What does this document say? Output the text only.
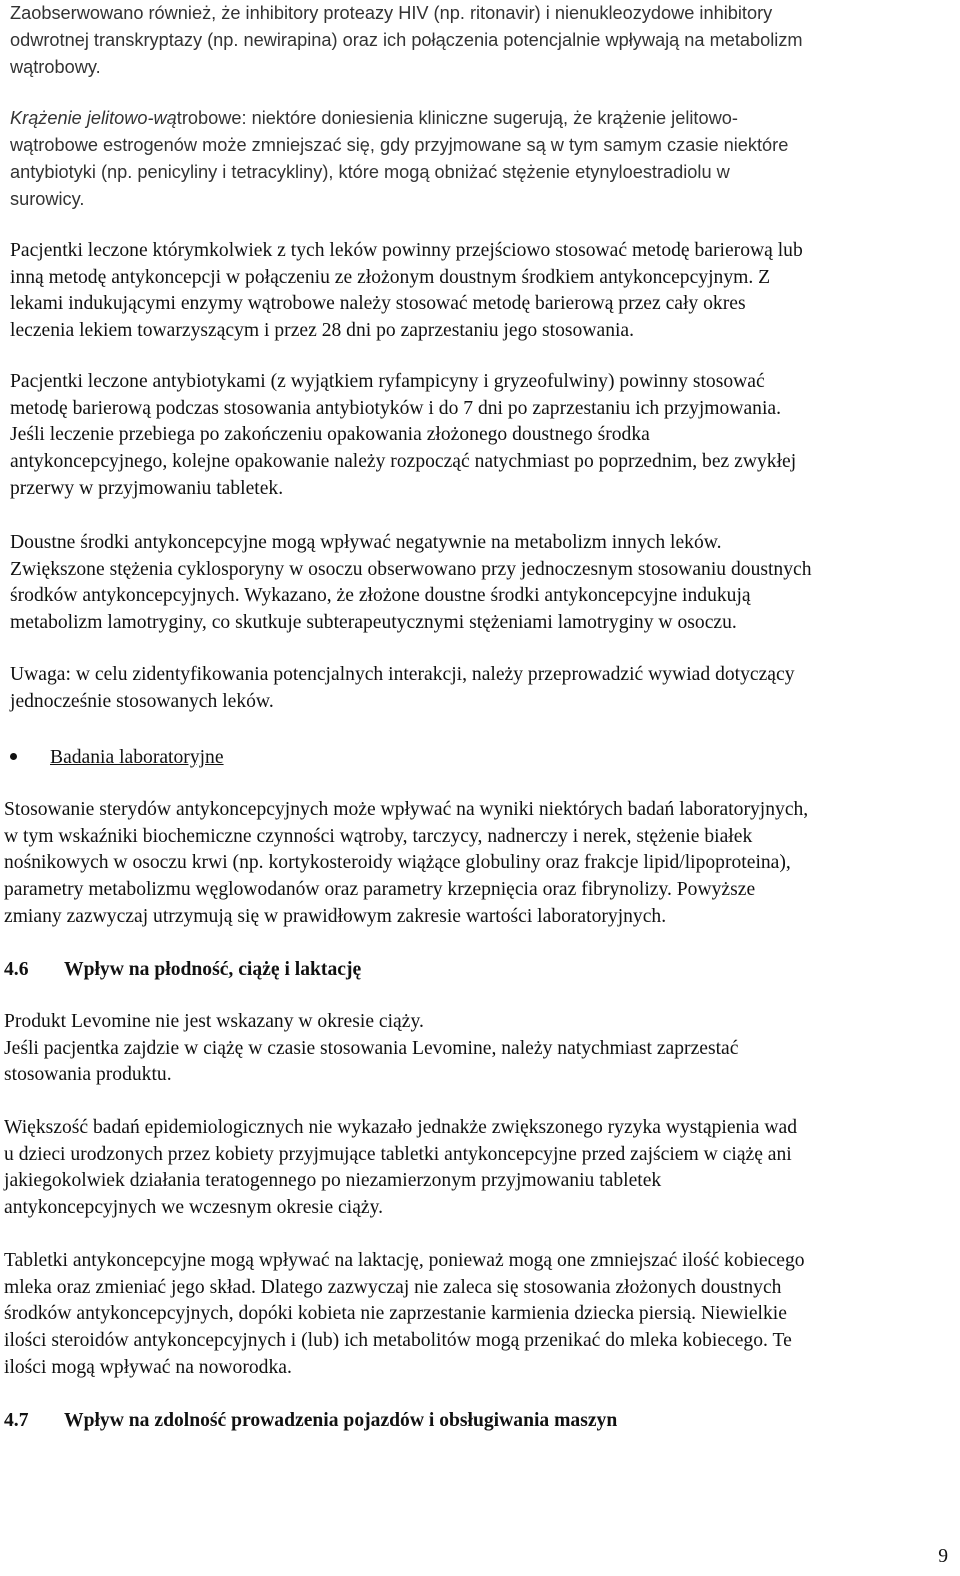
Zaobserwowano również, że inhibitory proteazy HIV (np. ritonavir) i nienukleozydowe inhibitory
odwrotnej transkryptazy (np. newirapina) oraz ich połączenia potencjalnie wpływają na metabolizm
wątrobowy.

Krążenie jelitowo-wątrobowe: niektóre doniesienia kliniczne sugerują, że krążenie jelitowo-
wątrobowe estrogenów może zmniejszać się, gdy przyjmowane są w tym samym czasie niektóre
antybiotyki (np. penicyliny i tetracykliny), które mogą obniżać stężenie etynyloestradiolu w
surowicy.

Pacjentki leczone którymkolwiek z tych leków powinny przejściowo stosować metodę barierową lub
inną metodę antykoncepcji w połączeniu ze złożonym doustnym środkiem antykoncepcyjnym. Z
lekami indukującymi enzymy wątrobowe należy stosować metodę barierową przez cały okres
leczenia lekiem towarzyszącym i przez 28 dni po zaprzestaniu jego stosowania.

Pacjentki leczone antybiotykami (z wyjątkiem ryfampicyny i gryzeofulwiny) powinny stosować
metodę barierową podczas stosowania antybiotyków i do 7 dni po zaprzestaniu ich przyjmowania.
Jeśli leczenie przebiega po zakończeniu opakowania złożonego doustnego środka
antykoncepcyjnego, kolejne opakowanie należy rozpocząć natychmiast po poprzednim, bez zwykłej
przerwy w przyjmowaniu tabletek.

Doustne środki antykoncepcyjne mogą wpływać negatywnie na metabolizm innych leków.
Zwiększone stężenia cyklosporyny w osoczu obserwowano przy jednoczesnym stosowaniu doustnych
środków antykoncepcyjnych. Wykazano, że złożone doustne środki antykoncepcyjne indukują
metabolizm lamotryginy, co skutkuje subterapeutycznymi stężeniami lamotryginy w osoczu.

Uwaga: w celu zidentyfikowania potencjalnych interakcji, należy przeprowadzić wywiad dotyczący
jednocześnie stosowanych leków.

Badania laboratoryjne

Stosowanie sterydów antykoncepcyjnych może wpływać na wyniki niektórych badań laboratoryjnych,
w tym wskaźniki biochemiczne czynności wątroby, tarczycy, nadnerczy i nerek, stężenie białek
nośnikowych w osoczu krwi (np. kortykosteroidy wiążące globuliny oraz frakcje lipid/lipoproteina),
parametry metabolizmu węglowodanów oraz parametry krzepnięcia oraz fibrynolizy. Powyższe
zmiany zazwyczaj utrzymują się w prawidłowym zakresie wartości laboratoryjnych.

4.6 Wpływ na płodność, ciążę i laktację

Produkt Levomine nie jest wskazany w okresie ciąży.
Jeśli pacjentka zajdzie w ciążę w czasie stosowania Levomine, należy natychmiast zaprzestać
stosowania produktu.

Większość badań epidemiologicznych nie wykazało jednakże zwiększonego ryzyka wystąpienia wad
u dzieci urodzonych przez kobiety przyjmujące tabletki antykoncepcyjne przed zajściem w ciążę ani
jakiegokolwiek działania teratogennego po niezamierzonym przyjmowaniu tabletek
antykoncepcyjnych we wczesnym okresie ciąży.

Tabletki antykoncepcyjne mogą wpływać na laktację, ponieważ mogą one zmniejszać ilość kobiecego
mleka oraz zmieniać jego skład. Dlatego zazwyczaj nie zaleca się stosowania złożonych doustnych
środków antykoncepcyjnych, dopóki kobieta nie zaprzestanie karmienia dziecka piersią. Niewielkie
ilości steroidów antykoncepcyjnych i (lub) ich metabolitów mogą przenikać do mleka kobiecego. Te
ilości mogą wpływać na noworodka.

4.7 Wpływ na zdolność prowadzenia pojazdów i obsługiwania maszyn
9
